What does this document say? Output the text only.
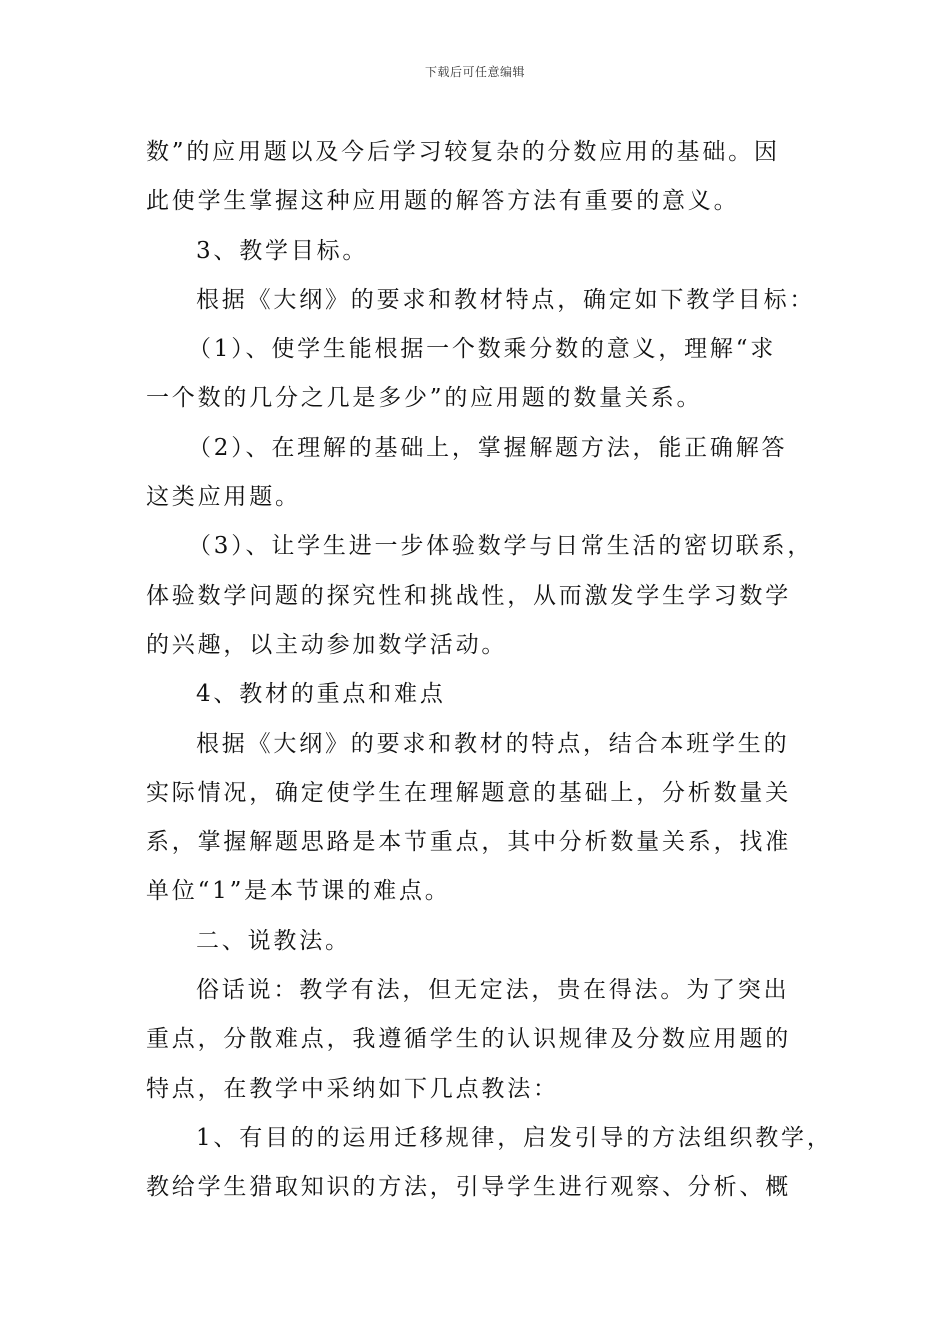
下载后可任意编辑
数”的应用题以及今后学习较复杂的分数应用的基础。因
此使学生掌握这种应用题的解答方法有重要的意义。
3、教学目标。
根据《大纲》的要求和教材特点，确定如下教学目标：
（1）、使学生能根据一个数乘分数的意义，理解“求
一个数的几分之几是多少”的应用题的数量关系。
（2）、在理解的基础上，掌握解题方法，能正确解答
这类应用题。
（3）、让学生进一步体验数学与日常生活的密切联系，
体验数学问题的探究性和挑战性，从而激发学生学习数学
的兴趣，以主动参加数学活动。
4、教材的重点和难点
根据《大纲》的要求和教材的特点，结合本班学生的
实际情况，确定使学生在理解题意的基础上，分析数量关
系，掌握解题思路是本节重点，其中分析数量关系，找准
单位“1”是本节课的难点。
二、说教法。
俗话说：教学有法，但无定法，贵在得法。为了突出
重点，分散难点，我遵循学生的认识规律及分数应用题的
特点，在教学中采纳如下几点教法：
1、有目的的运用迁移规律，启发引导的方法组织教学，
教给学生猎取知识的方法，引导学生进行观察、分析、概
